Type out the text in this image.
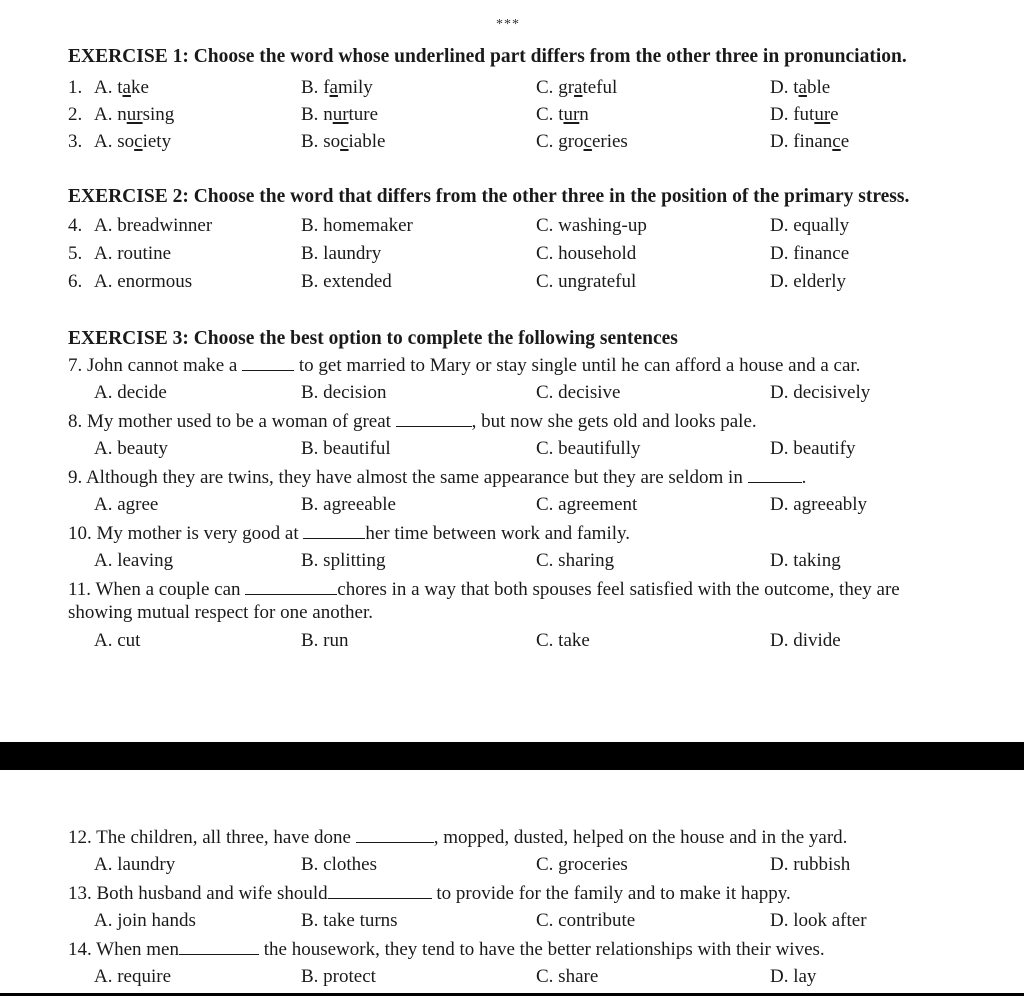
***
EXERCISE 1: Choose the word whose underlined part differs from the other three in pronunciation.
1. A. take	B. family	C. grateful	D. table
2. A. nursing	B. nurture	C. turn	D. future
3. A. society	B. sociable	C. groceries	D. finance
EXERCISE 2: Choose the word that differs from the other three in the position of the primary stress.
4. A. breadwinner	B. homemaker	C. washing-up	D. equally
5. A. routine	B. laundry	C. household	D. finance
6. A. enormous	B. extended	C. ungrateful	D. elderly
EXERCISE 3: Choose the best option to complete the following sentences
7. John cannot make a	to get married to Mary or stay single until he can afford a house and a car.
A. decide	B. decision	C. decisive	D. decisively
8. My mother used to be a woman of great	, but now she gets old and looks pale.
A. beauty	B. beautiful	C. beautifully	D. beautify
9. Although they are twins, they have almost the same appearance but they are seldom in	.
A. agree	B. agreeable	C. agreement	D. agreeably
10. My mother is very good at	her time between work and family.
A. leaving	B. splitting	C. sharing	D. taking
11. When a couple can	chores in a way that both spouses feel satisfied with the outcome, they are
showing mutual respect for one another.
A. cut	B. run	C. take	D. divide
12. The children, all three, have done	, mopped, dusted, helped on the house and in the yard.
A. laundry	B. clothes	C. groceries	D. rubbish
13. Both husband and wife should	to provide for the family and to make it happy.
A. join hands	B. take turns	C. contribute	D. look after
14. When men	the housework, they tend to have the better relationships with their wives.
A. require	B. protect	C. share	D. lay
